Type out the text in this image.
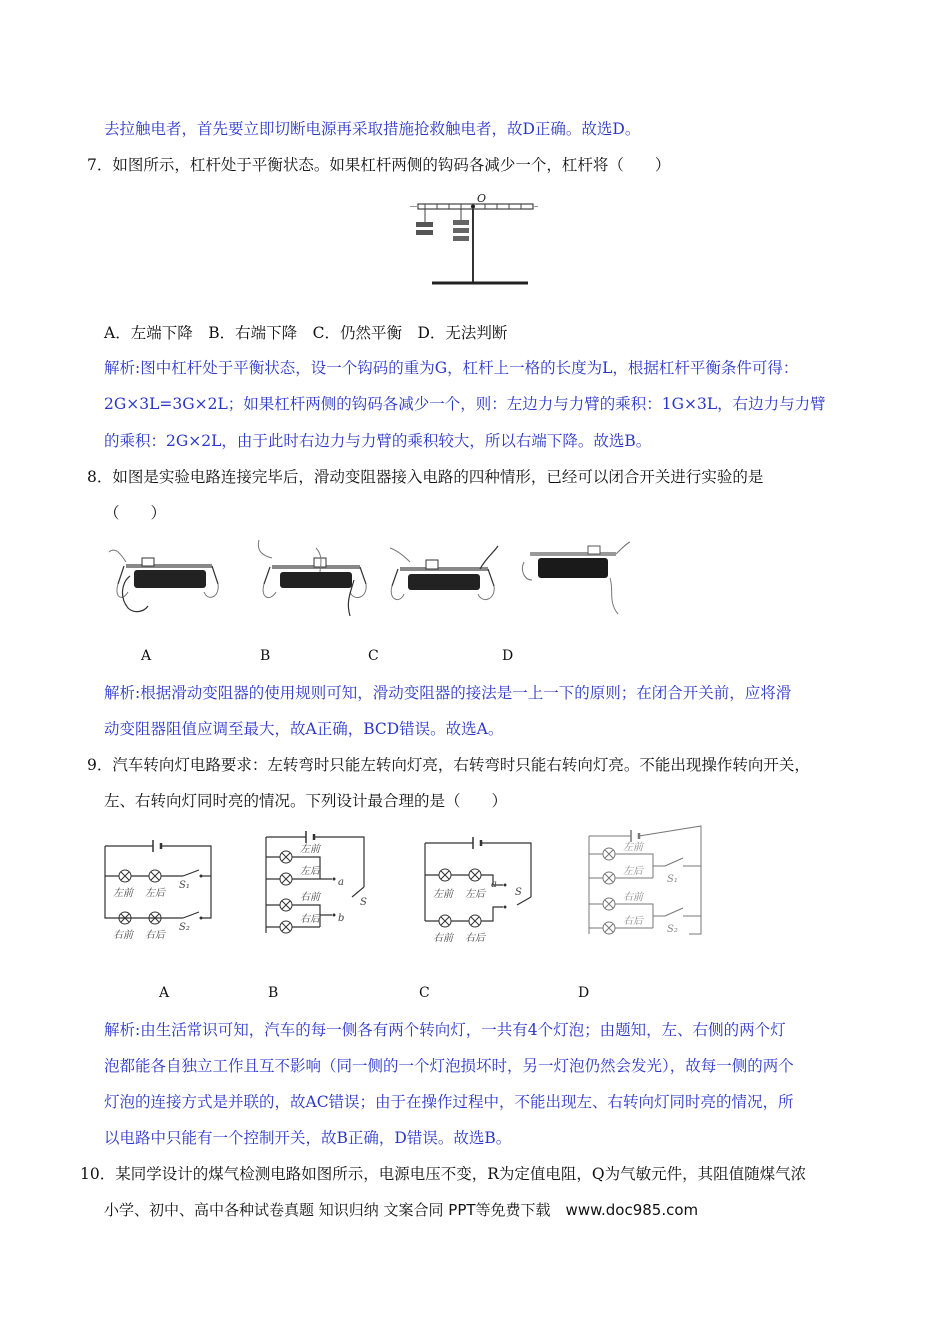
去拉触电者，首先要立即切断电源再采取措施抢救触电者，故D正确。故选D。
7．如图所示，杠杆处于平衡状态。如果杠杆两侧的钩码各减少一个，杠杆将（　　）
O
A．左端下降　B．右端下降　C．仍然平衡　D．无法判断
解析:图中杠杆处于平衡状态，设一个钩码的重为G，杠杆上一格的长度为L，根据杠杆平衡条件可得：
2G×3L=3G×2L；如果杠杆两侧的钩码各减少一个，则：左边力与力臂的乘积：1G×3L，右边力与力臂
的乘积：2G×2L，由于此时右边力与力臂的乘积较大，所以右端下降。故选B。
8．如图是实验电路连接完毕后，滑动变阻器接入电路的四种情形，已经可以闭合开关进行实验的是
（　　）
A	B	C	D
解析:根据滑动变阻器的使用规则可知，滑动变阻器的接法是一上一下的原则；在闭合开关前，应将滑
动变阻器阻值应调至最大，故A正确，BCD错误。故选A。
9．汽车转向灯电路要求：左转弯时只能左转向灯亮，右转弯时只能右转向灯亮。不能出现操作转向开关，
左、右转向灯同时亮的情况。下列设计最合理的是（　　）
左前 左后
S₁
右前 右后
S₂
左前
左后
右前
右后
a
b
S
左前 左后
右前 右后
a
S
左前
左后
右前
右后
S₁
S₂
A	B	C	D
解析:由生活常识可知，汽车的每一侧各有两个转向灯，一共有4个灯泡；由题知，左、右侧的两个灯
泡都能各自独立工作且互不影响（同一侧的一个灯泡损坏时，另一灯泡仍然会发光），故每一侧的两个
灯泡的连接方式是并联的，故AC错误；由于在操作过程中，不能出现左、右转向灯同时亮的情况，所
以电路中只能有一个控制开关，故B正确，D错误。故选B。
10．某同学设计的煤气检测电路如图所示，电源电压不变，R为定值电阻，Q为气敏元件，其阻值随煤气浓
小学、初中、高中各种试卷真题 知识归纳 文案合同 PPT等免费下载　www.doc985.com
